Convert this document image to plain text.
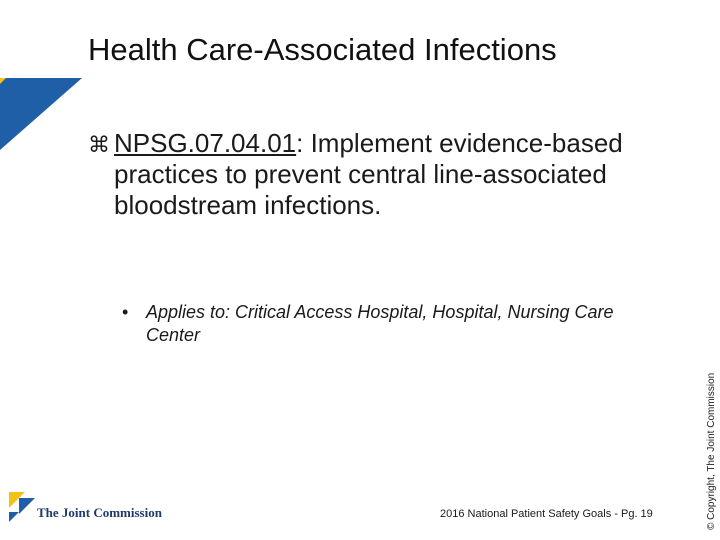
Health Care-Associated Infections
⌘ NPSG.07.04.01: Implement evidence-based practices to prevent central line-associated bloodstream infections.
• Applies to: Critical Access Hospital, Hospital, Nursing Care Center
© Copyright, The Joint Commission
The Joint Commission	2016 National Patient Safety Goals - Pg. 19
